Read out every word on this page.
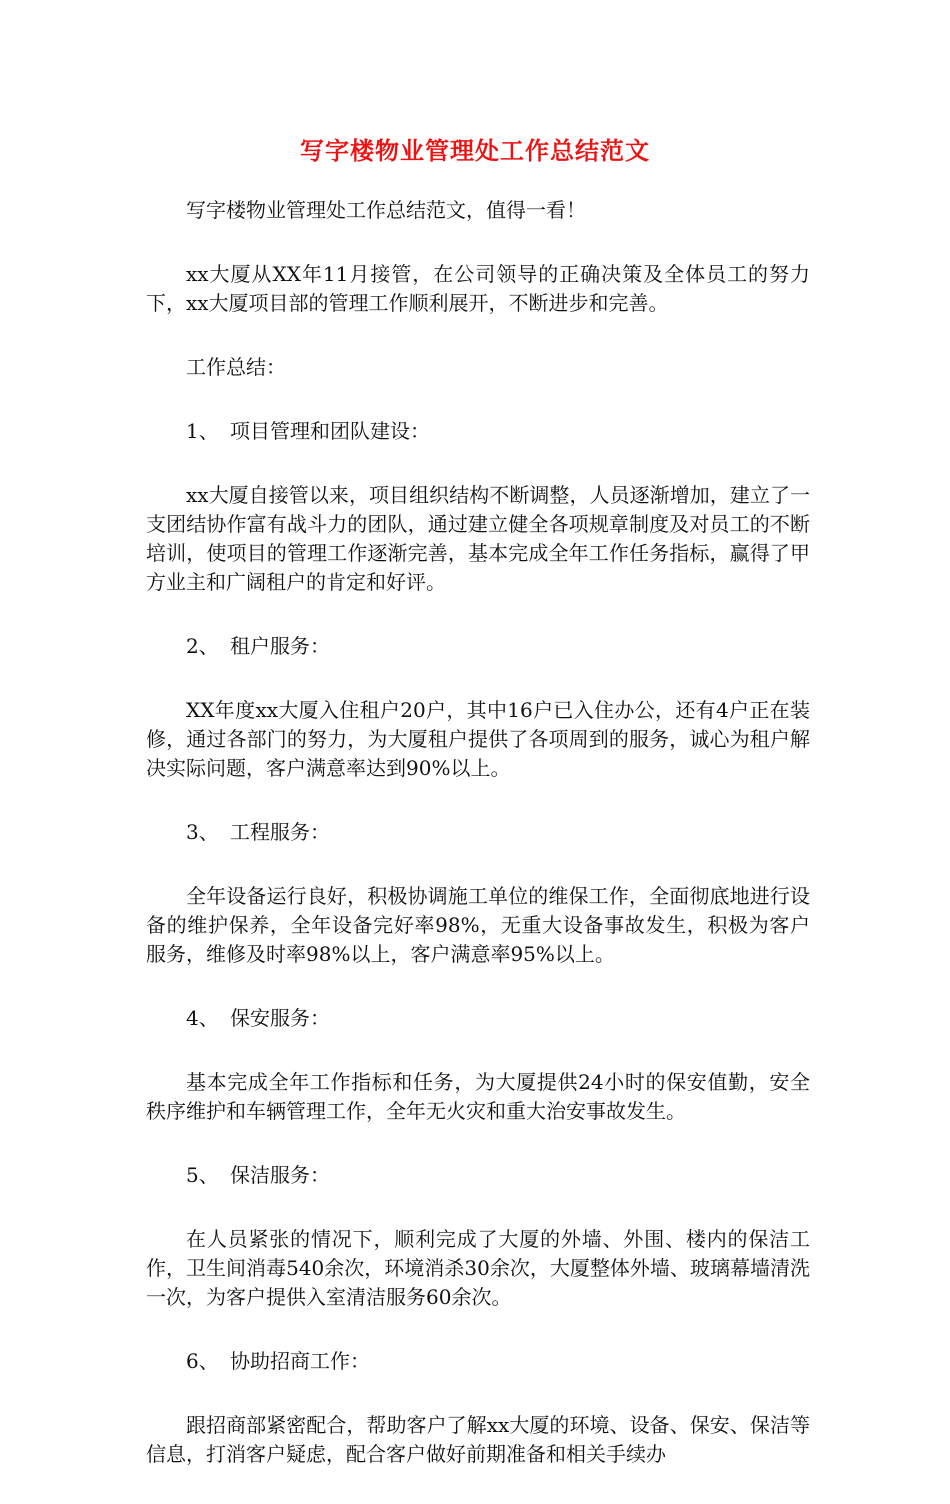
写字楼物业管理处工作总结范文

写字楼物业管理处工作总结范文，值得一看！

xx大厦从XX年11月接管，在公司领导的正确决策及全体员工的努力下，xx大厦项目部的管理工作顺利展开，不断进步和完善。

工作总结：

1、 项目管理和团队建设：

xx大厦自接管以来，项目组织结构不断调整，人员逐渐增加，建立了一支团结协作富有战斗力的团队，通过建立健全各项规章制度及对员工的不断培训，使项目的管理工作逐渐完善，基本完成全年工作任务指标，赢得了甲方业主和广阔租户的肯定和好评。

2、 租户服务：

XX年度xx大厦入住租户20户，其中16户已入住办公，还有4户正在装修，通过各部门的努力，为大厦租户提供了各项周到的服务，诚心为租户解决实际问题，客户满意率达到90%以上。

3、 工程服务：

全年设备运行良好，积极协调施工单位的维保工作，全面彻底地进行设备的维护保养，全年设备完好率98%，无重大设备事故发生，积极为客户服务，维修及时率98%以上，客户满意率95%以上。

4、 保安服务：

基本完成全年工作指标和任务，为大厦提供24小时的保安值勤，安全秩序维护和车辆管理工作，全年无火灾和重大治安事故发生。

5、 保洁服务：

在人员紧张的情况下，顺利完成了大厦的外墙、外围、楼内的保洁工作，卫生间消毒540余次，环境消杀30余次，大厦整体外墙、玻璃幕墙清洗一次，为客户提供入室清洁服务60余次。

6、 协助招商工作：

跟招商部紧密配合，帮助客户了解xx大厦的环境、设备、保安、保洁等信息，打消客户疑虑，配合客户做好前期准备和相关手续办
